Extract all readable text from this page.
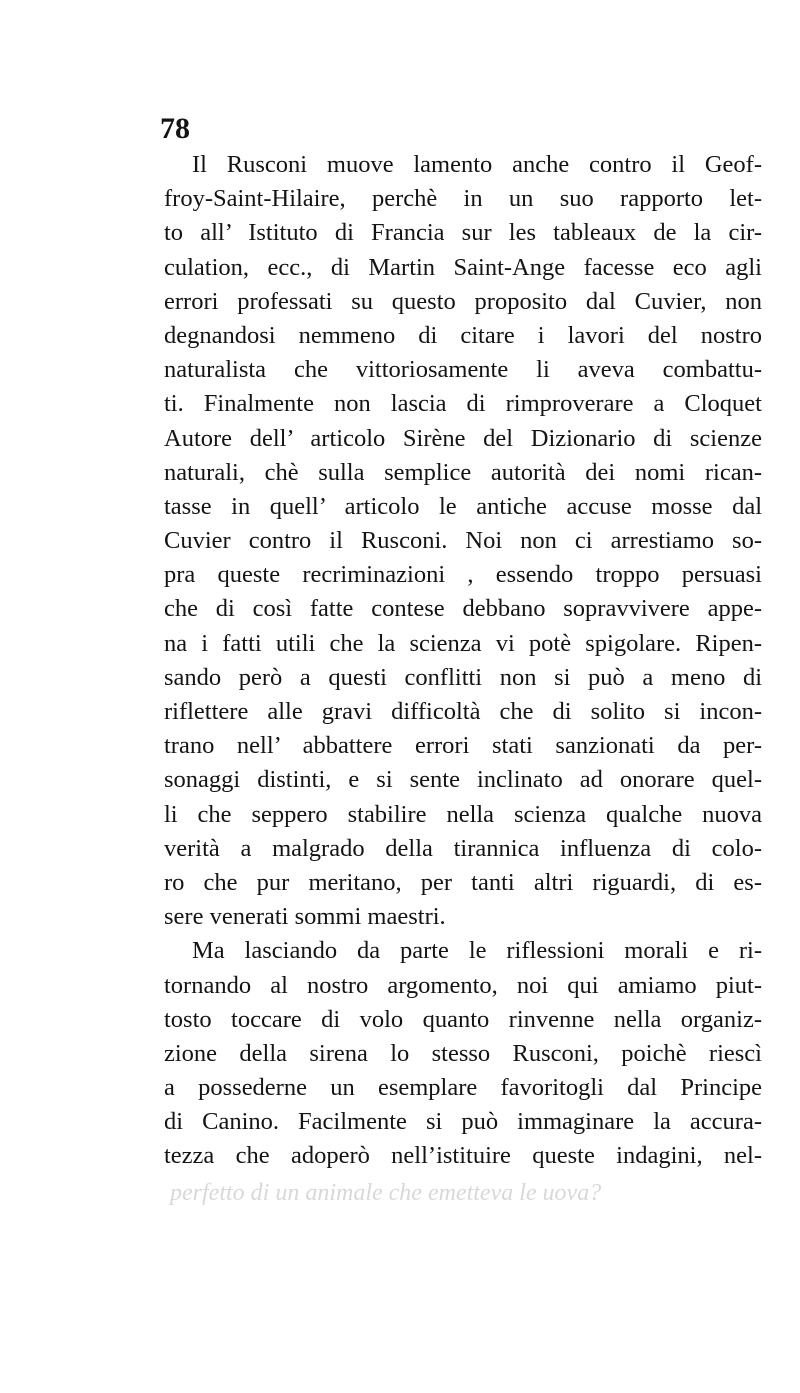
78
Il Rusconi muove lamento anche contro il Geof-
froy-Saint-Hilaire, perchè in un suo rapporto let-
to all’ Istituto di Francia sur les tableaux de la cir-
culation, ecc., di Martin Saint-Ange facesse eco agli
errori professati su questo proposito dal Cuvier, non
degnandosi nemmeno di citare i lavori del nostro
naturalista che vittoriosamente li aveva combattu-
ti. Finalmente non lascia di rimproverare a Cloquet
Autore dell’ articolo Sirène del Dizionario di scienze
naturali, chè sulla semplice autorità dei nomi rican-
tasse in quell’ articolo le antiche accuse mosse dal
Cuvier contro il Rusconi. Noi non ci arrestiamo so-
pra queste recriminazioni , essendo troppo persuasi
che di così fatte contese debbano sopravvivere appe-
na i fatti utili che la scienza vi potè spigolare. Ripen-
sando però a questi conflitti non si può a meno di
riflettere alle gravi difficoltà che di solito si incon-
trano nell’ abbattere errori stati sanzionati da per-
sonaggi distinti, e si sente inclinato ad onorare quel-
li che seppero stabilire nella scienza qualche nuova
verità a malgrado della tirannica influenza di colo-
ro che pur meritano, per tanti altri riguardi, di es-
sere venerati sommi maestri.
Ma lasciando da parte le riflessioni morali e ri-
tornando al nostro argomento, noi qui amiamo piut-
tosto toccare di volo quanto rinvenne nella organiz-
zione della sirena lo stesso Rusconi, poichè riescì
a possederne un esemplare favoritogli dal Principe
di Canino. Facilmente si può immaginare la accura-
tezza che adoperò nell’istituire queste indagini, nel-
perfetto di un animale che emetteva le uova?
